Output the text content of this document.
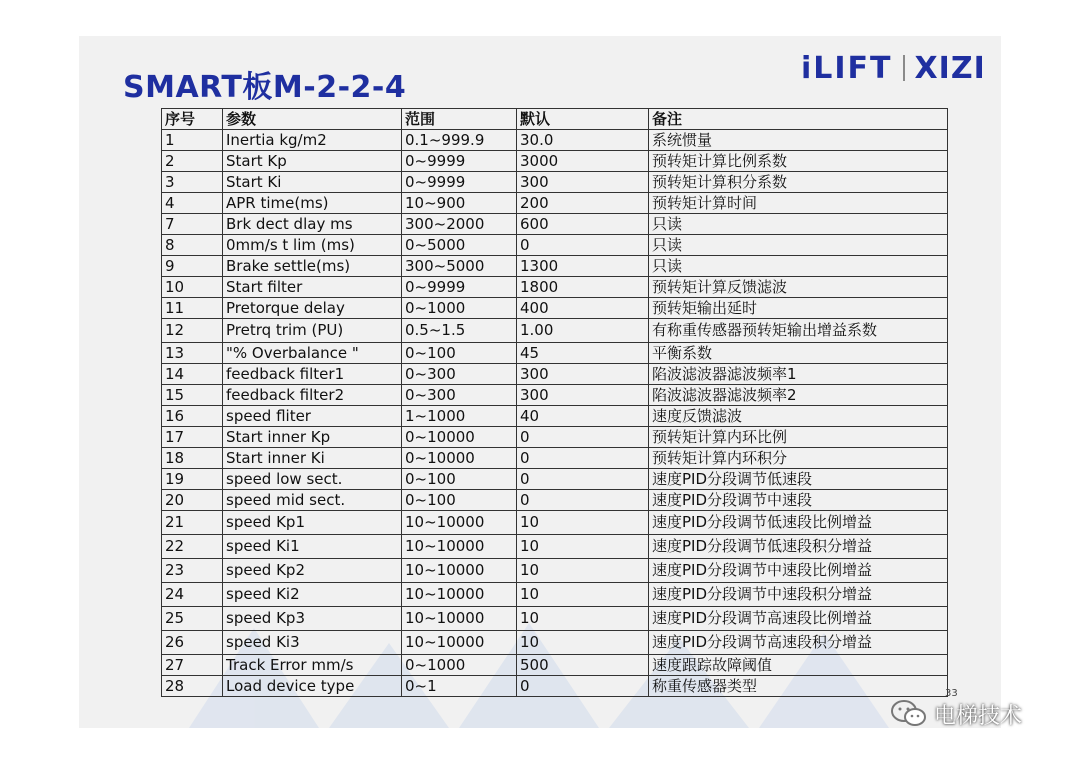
SMART板M-2-2-4
iLIFT XIZI
序号	参数	范围	默认	备注
1	Inertia kg/m2	0.1~999.9	30.0	系统惯量
2	Start Kp	0~9999	3000	预转矩计算比例系数
3	Start Ki	0~9999	300	预转矩计算积分系数
4	APR time(ms)	10~900	200	预转矩计算时间
7	Brk dect dlay ms	300~2000	600	只读
8	0mm/s t lim (ms)	0~5000	0	只读
9	Brake settle(ms)	300~5000	1300	只读
10	Start filter	0~9999	1800	预转矩计算反馈滤波
11	Pretorque delay	0~1000	400	预转矩输出延时
12	Pretrq trim (PU)	0.5~1.5	1.00	有称重传感器预转矩输出增益系数
13	"% Overbalance "	0~100	45	平衡系数
14	feedback filter1	0~300	300	陷波滤波器滤波频率1
15	feedback filter2	0~300	300	陷波滤波器滤波频率2
16	speed fliter	1~1000	40	速度反馈滤波
17	Start inner Kp	0~10000	0	预转矩计算内环比例
18	Start inner Ki	0~10000	0	预转矩计算内环积分
19	speed low sect.	0~100	0	速度PID分段调节低速段
20	speed mid sect.	0~100	0	速度PID分段调节中速段
21	speed Kp1	10~10000	10	速度PID分段调节低速段比例增益
22	speed Ki1	10~10000	10	速度PID分段调节低速段积分增益
23	speed Kp2	10~10000	10	速度PID分段调节中速段比例增益
24	speed Ki2	10~10000	10	速度PID分段调节中速段积分增益
25	speed Kp3	10~10000	10	速度PID分段调节高速段比例增益
26	speed Ki3	10~10000	10	速度PID分段调节高速段积分增益
27	Track Error mm/s	0~1000	500	速度跟踪故障阈值
28	Load device type	0~1	0	称重传感器类型	33
电梯技术
